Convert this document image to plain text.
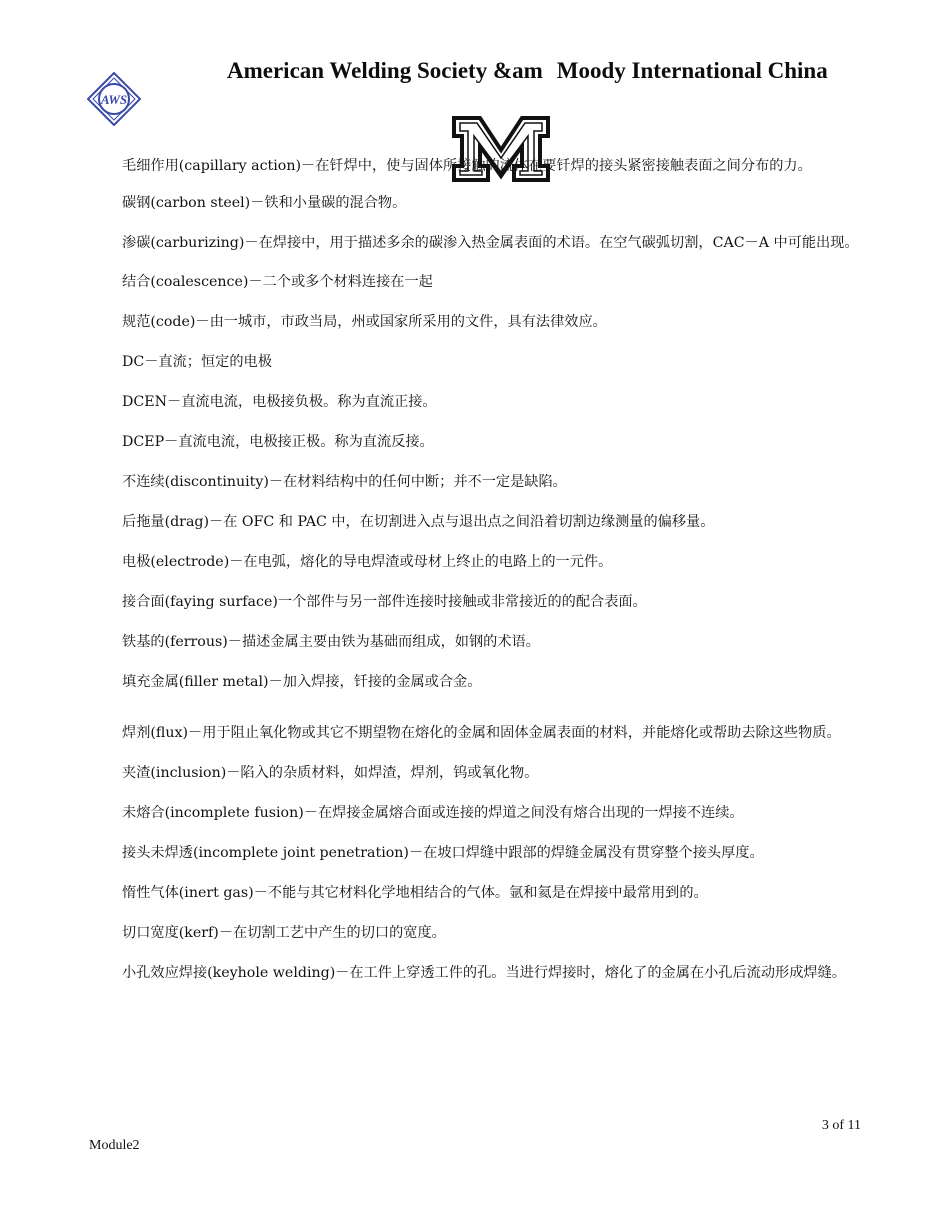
AWS
American Welding Society &am Moody International China

毛细作用(capillary action)－在钎焊中，使与固体所接触的流体在要钎焊的接头紧密接触表面之间分布的力。

碳钢(carbon steel)－铁和小量碳的混合物。

渗碳(carburizing)－在焊接中，用于描述多余的碳渗入热金属表面的术语。在空气碳弧切割，CAC－A 中可能出现。

结合(coalescence)－二个或多个材料连接在一起

规范(code)－由一城市，市政当局，州或国家所采用的文件，具有法律效应。

DC－直流；恒定的电极

DCEN－直流电流，电极接负极。称为直流正接。

DCEP－直流电流，电极接正极。称为直流反接。

不连续(discontinuity)－在材料结构中的任何中断；并不一定是缺陷。

后拖量(drag)－在 OFC 和 PAC 中，在切割进入点与退出点之间沿着切割边缘测量的偏移量。

电极(electrode)－在电弧，熔化的导电焊渣或母材上终止的电路上的一元件。

接合面(faying surface)一个部件与另一部件连接时接触或非常接近的的配合表面。

铁基的(ferrous)－描述金属主要由铁为基础而组成，如钢的术语。

填充金属(filler metal)－加入焊接，钎接的金属或合金。

焊剂(flux)－用于阻止氧化物或其它不期望物在熔化的金属和固体金属表面的材料，并能熔化或帮助去除这些物质。

夹渣(inclusion)－陷入的杂质材料，如焊渣，焊剂，钨或氧化物。

未熔合(incomplete fusion)－在焊接金属熔合面或连接的焊道之间没有熔合出现的一焊接不连续。

接头未焊透(incomplete joint penetration)－在坡口焊缝中跟部的焊缝金属没有贯穿整个接头厚度。

惰性气体(inert gas)－不能与其它材料化学地相结合的气体。氩和氦是在焊接中最常用到的。

切口宽度(kerf)－在切割工艺中产生的切口的宽度。

小孔效应焊接(keyhole welding)－在工件上穿透工件的孔。当进行焊接时，熔化了的金属在小孔后流动形成焊缝。

3 of 11
Module2
